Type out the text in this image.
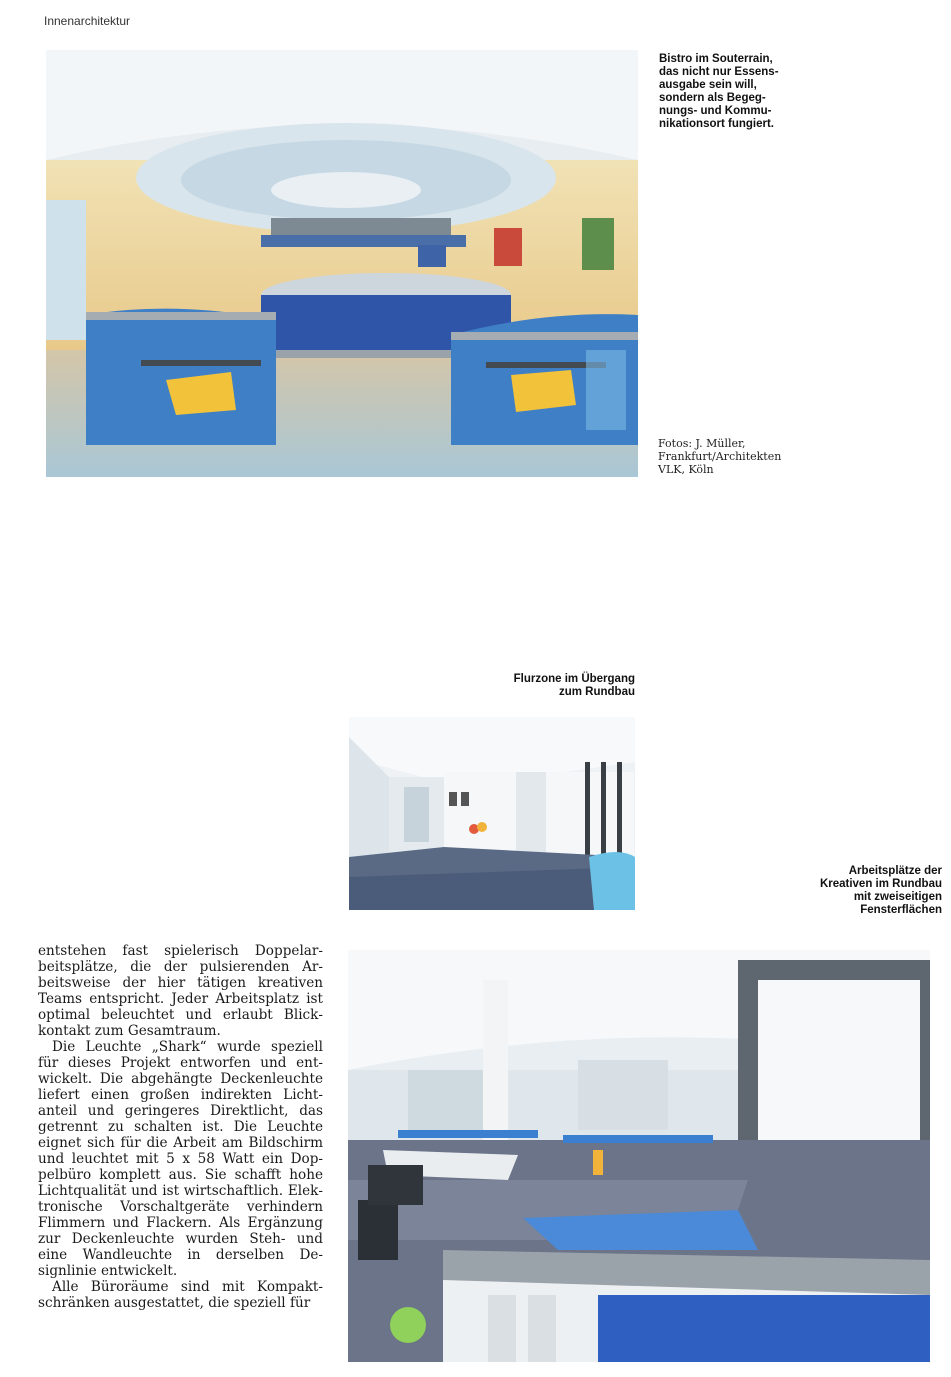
Innenarchitektur
Bistro im Souterrain, das nicht nur Essensausgabe sein will, sondern als Begegnungs- und Kommunikationsort fungiert.
Fotos: J. Müller,
Frankfurt/Architekten
VLK, Köln
Flurzone im Übergang zum Rundbau
Arbeitsplätze der Kreativen im Rundbau mit zweiseitigen Fensterflächen

entstehen fast spielerisch Doppelarbeitsplätze, die der pulsierenden Arbeitsweise der hier tätigen kreativen Teams entspricht. Jeder Arbeitsplatz ist optimal beleuchtet und erlaubt Blickkontakt zum Gesamtraum.

Die Leuchte „Shark“ wurde speziell für dieses Projekt entworfen und entwickelt. Die abgehängte Deckenleuchte liefert einen großen indirekten Lichtanteil und geringeres Direktlicht, das getrennt zu schalten ist. Die Leuchte eignet sich für die Arbeit am Bildschirm und leuchtet mit 5 x 58 Watt ein Doppelbüro komplett aus. Sie schafft hohe Lichtqualität und ist wirtschaftlich. Elektronische Vorschaltgeräte verhindern Flimmern und Flackern. Als Ergänzung zur Deckenleuchte wurden Steh- und eine Wandleuchte in derselben Designlinie entwickelt.

Alle Büroräume sind mit Kompaktschränken ausgestattet, die speziell für
